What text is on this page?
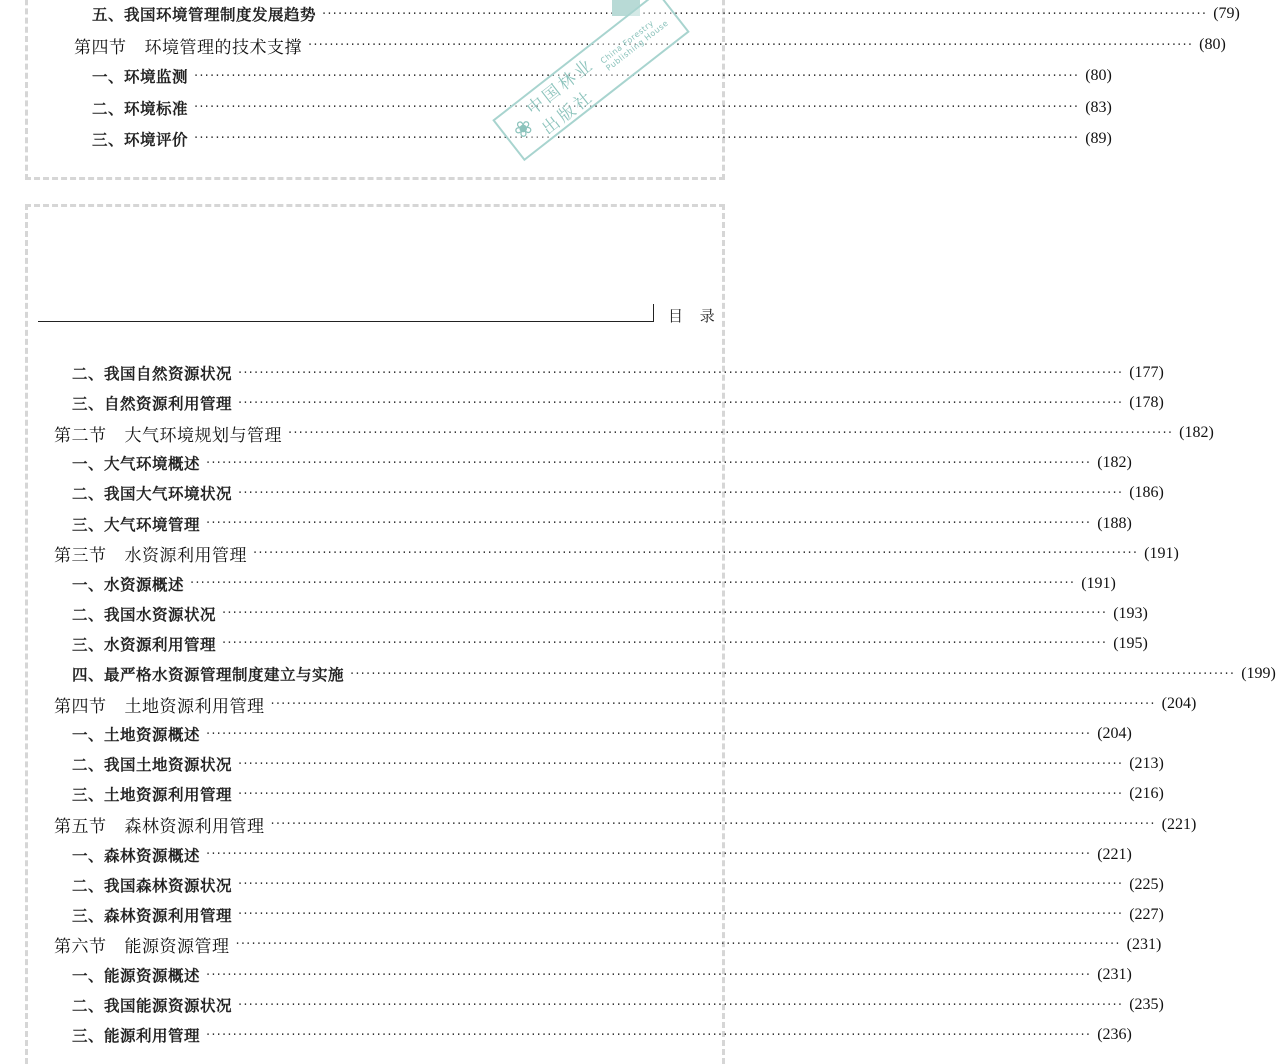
五、我国环境管理制度发展趋势 ·····	(79)
第四节 环境管理的技术支撑 ·····	(80)
一、环境监测 ·····	(80)
二、环境标准 ·····	(83)
三、环境评价 ·····	(89)
❀
中国林业出版社
China Forestry Publishing House
目 录
二、我国自然资源状况 ·····	(177)
三、自然资源利用管理 ·····	(178)
第二节 大气环境规划与管理 ·····	(182)
一、大气环境概述 ·····	(182)
二、我国大气环境状况 ·····	(186)
三、大气环境管理 ·····	(188)
第三节 水资源利用管理 ·····	(191)
一、水资源概述 ·····	(191)
二、我国水资源状况 ·····	(193)
三、水资源利用管理 ·····	(195)
四、最严格水资源管理制度建立与实施 ·····	(199)
第四节 土地资源利用管理 ·····	(204)
一、土地资源概述 ·····	(204)
二、我国土地资源状况 ·····	(213)
三、土地资源利用管理 ·····	(216)
第五节 森林资源利用管理 ·····	(221)
一、森林资源概述 ·····	(221)
二、我国森林资源状况 ·····	(225)
三、森林资源利用管理 ·····	(227)
第六节 能源资源管理 ·····	(231)
一、能源资源概述 ·····	(231)
二、我国能源资源状况 ·····	(235)
三、能源利用管理 ·····	(236)
